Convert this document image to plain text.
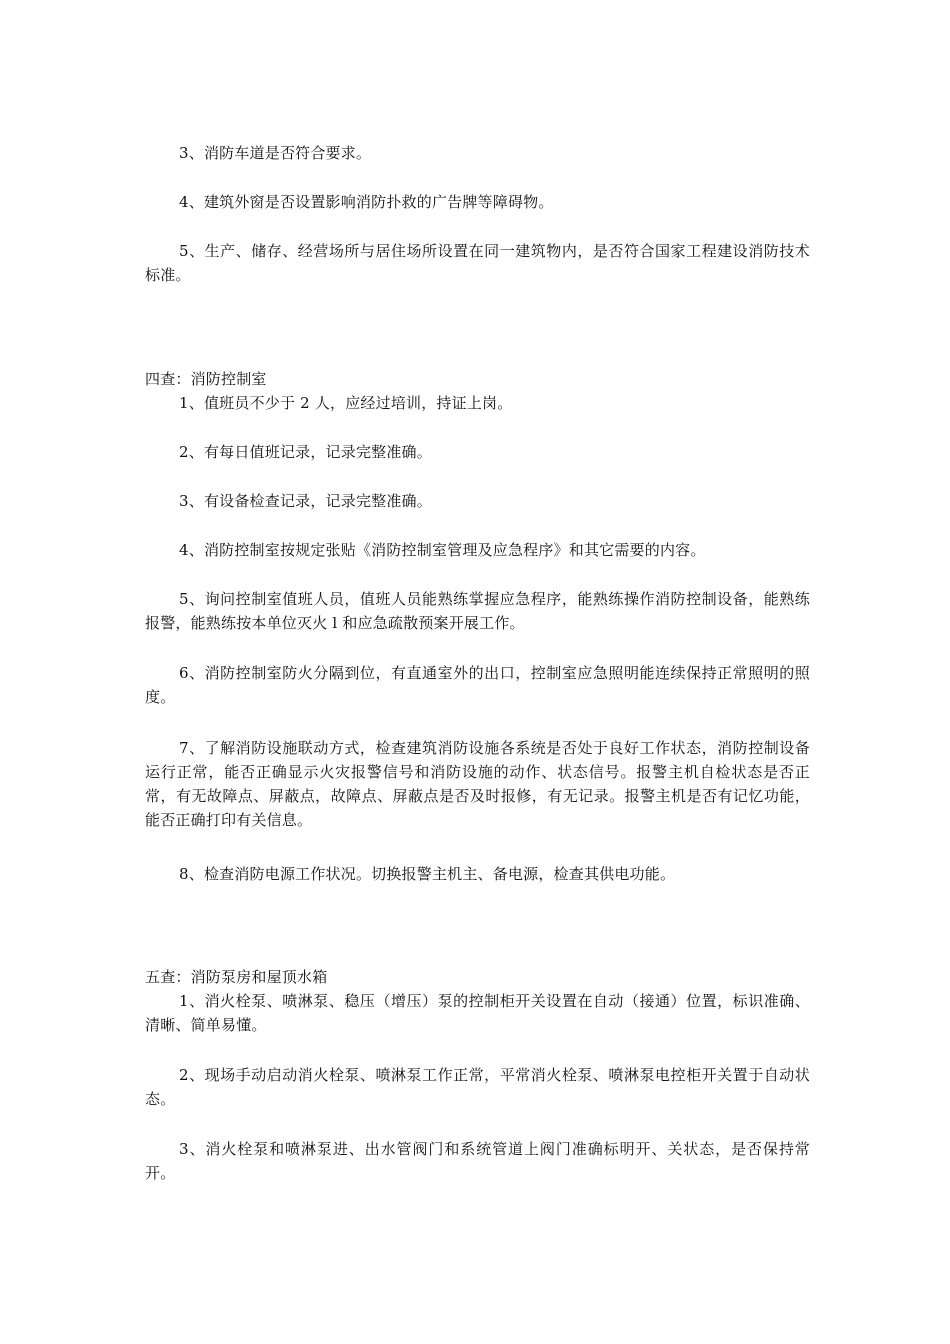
3、消防车道是否符合要求。

4、建筑外窗是否设置影响消防扑救的广告牌等障碍物。

5、生产、储存、经营场所与居住场所设置在同一建筑物内，是否符合国家工程建设消防技术标准。

四查：消防控制室

1、值班员不少于 2 人，应经过培训，持证上岗。

2、有每日值班记录，记录完整准确。

3、有设备检查记录，记录完整准确。

4、消防控制室按规定张贴《消防控制室管理及应急程序》和其它需要的内容。

5、询问控制室值班人员，值班人员能熟练掌握应急程序，能熟练操作消防控制设备，能熟练报警，能熟练按本单位灭火 l 和应急疏散预案开展工作。

6、消防控制室防火分隔到位，有直通室外的出口，控制室应急照明能连续保持正常照明的照度。

7、了解消防设施联动方式，检查建筑消防设施各系统是否处于良好工作状态，消防控制设备运行正常，能否正确显示火灾报警信号和消防设施的动作、状态信号。报警主机自检状态是否正常，有无故障点、屏蔽点，故障点、屏蔽点是否及时报修，有无记录。报警主机是否有记忆功能，能否正确打印有关信息。

8、检查消防电源工作状况。切换报警主机主、备电源，检查其供电功能。

五查：消防泵房和屋顶水箱

1、消火栓泵、喷淋泵、稳压（增压）泵的控制柜开关设置在自动（接通）位置，标识准确、清晰、简单易懂。

2、现场手动启动消火栓泵、喷淋泵工作正常，平常消火栓泵、喷淋泵电控柜开关置于自动状态。

3、消火栓泵和喷淋泵进、出水管阀门和系统管道上阀门准确标明开、关状态，是否保持常开。
